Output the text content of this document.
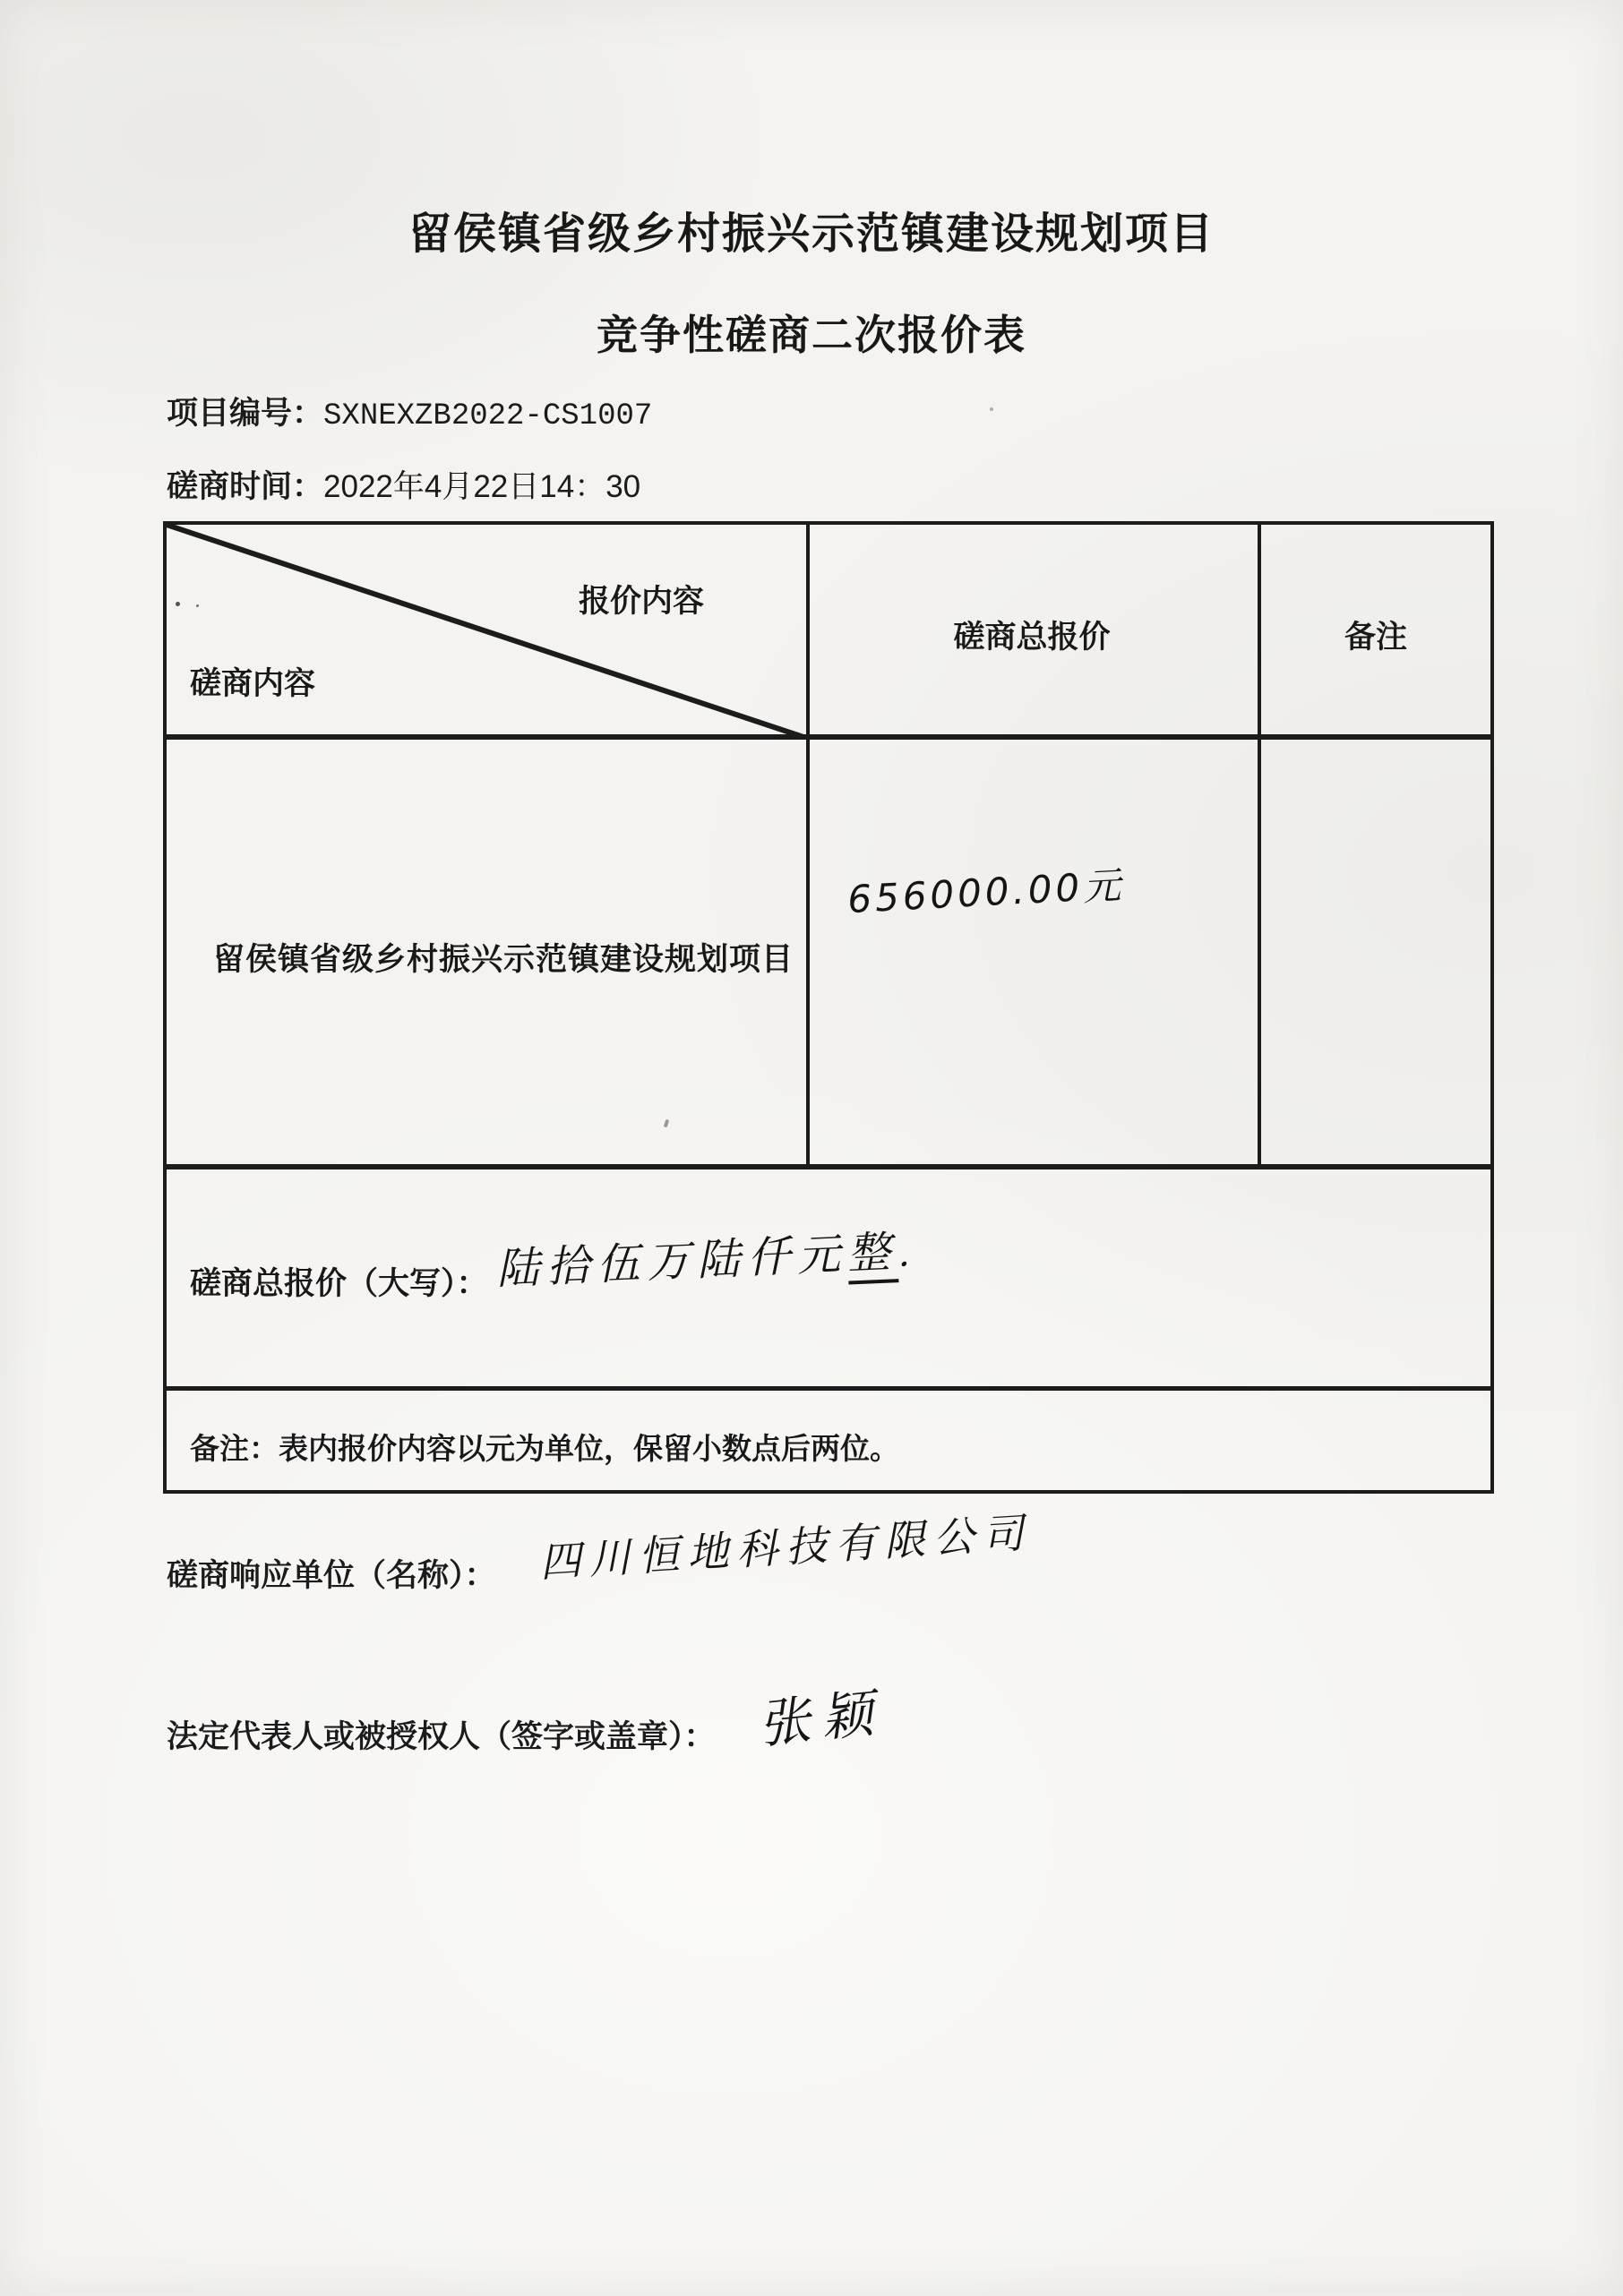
留侯镇省级乡村振兴示范镇建设规划项目
竞争性磋商二次报价表
项目编号：SXNEXZB2022-CS1007
磋商时间：2022年4月22日14：30
报价内容
磋商内容
磋商总报价	备注
留侯镇省级乡村振兴示范镇建设规划项目
656000.00元
磋商总报价（大写）： 陆拾伍万陆仟元整．
备注：表内报价内容以元为单位，保留小数点后两位。
磋商响应单位（名称）： 四川恒地科技有限公司
法定代表人或被授权人（签字或盖章）： 张颖
